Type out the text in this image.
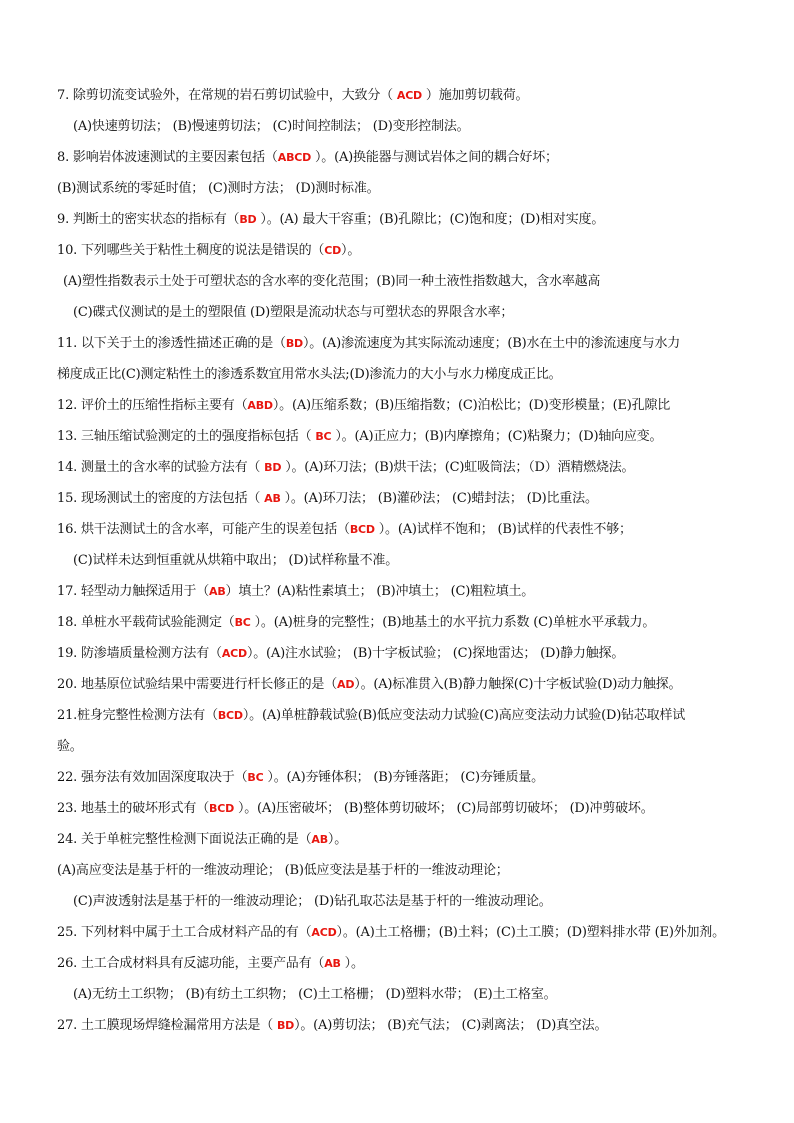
7. 除剪切流变试验外，在常规的岩石剪切试验中，大致分（ ACD ）施加剪切载荷。
(A)快速剪切法； (B)慢速剪切法； (C)时间控制法； (D)变形控制法。
8. 影响岩体波速测试的主要因素包括（ABCD ）。(A)换能器与测试岩体之间的耦合好坏；
(B)测试系统的零延时值； (C)测时方法； (D)测时标准。
9. 判断土的密实状态的指标有（BD ）。(A) 最大干容重；(B)孔隙比；(C)饱和度；(D)相对实度。
10. 下列哪些关于粘性土稠度的说法是错误的（CD）。
(A)塑性指数表示土处于可塑状态的含水率的变化范围；(B)同一种土液性指数越大，含水率越高
(C)碟式仪测试的是土的塑限值 (D)塑限是流动状态与可塑状态的界限含水率；
11. 以下关于土的渗透性描述正确的是（BD）。(A)渗流速度为其实际流动速度；(B)水在土中的渗流速度与水力
梯度成正比(C)测定粘性土的渗透系数宜用常水头法;(D)渗流力的大小与水力梯度成正比。
12. 评价土的压缩性指标主要有（ABD）。(A)压缩系数；(B)压缩指数；(C)泊松比；(D)变形模量；(E)孔隙比
13. 三轴压缩试验测定的土的强度指标包括（ BC ）。(A)正应力；(B)内摩擦角；(C)粘聚力；(D)轴向应变。
14. 测量土的含水率的试验方法有（ BD ）。(A)环刀法；(B)烘干法；(C)虹吸筒法；（D）酒精燃烧法。
15. 现场测试土的密度的方法包括（ AB ）。(A)环刀法； (B)灌砂法； (C)蜡封法； (D)比重法。
16. 烘干法测试土的含水率，可能产生的误差包括（BCD ）。(A)试样不饱和； (B)试样的代表性不够；
(C)试样未达到恒重就从烘箱中取出； (D)试样称量不准。
17. 轻型动力触探适用于（AB）填土？(A)粘性素填土； (B)冲填土； (C)粗粒填土。
18. 单桩水平载荷试验能测定（BC ）。(A)桩身的完整性；(B)地基土的水平抗力系数 (C)单桩水平承载力。
19. 防渗墙质量检测方法有（ACD）。(A)注水试验； (B)十字板试验； (C)探地雷达； (D)静力触探。
20. 地基原位试验结果中需要进行杆长修正的是（AD）。(A)标准贯入(B)静力触探(C)十字板试验(D)动力触探。
21.桩身完整性检测方法有（BCD）。(A)单桩静载试验(B)低应变法动力试验(C)高应变法动力试验(D)钻芯取样试
验。
22. 强夯法有效加固深度取决于（BC ）。(A)夯锤体积； (B)夯锤落距； (C)夯锤质量。
23. 地基土的破坏形式有（BCD ）。(A)压密破坏； (B)整体剪切破坏； (C)局部剪切破坏； (D)冲剪破坏。
24. 关于单桩完整性检测下面说法正确的是（AB）。
(A)高应变法是基于杆的一维波动理论； (B)低应变法是基于杆的一维波动理论；
(C)声波透射法是基于杆的一维波动理论； (D)钻孔取芯法是基于杆的一维波动理论。
25. 下列材料中属于土工合成材料产品的有（ACD）。(A)土工格栅；(B)土料；(C)土工膜；(D)塑料排水带 (E)外加剂。
26. 土工合成材料具有反滤功能，主要产品有（AB ）。
(A)无纺土工织物； (B)有纺土工织物； (C)土工格栅； (D)塑料水带； (E)土工格室。
27. 土工膜现场焊缝检漏常用方法是（ BD）。(A)剪切法； (B)充气法； (C)剥离法； (D)真空法。
